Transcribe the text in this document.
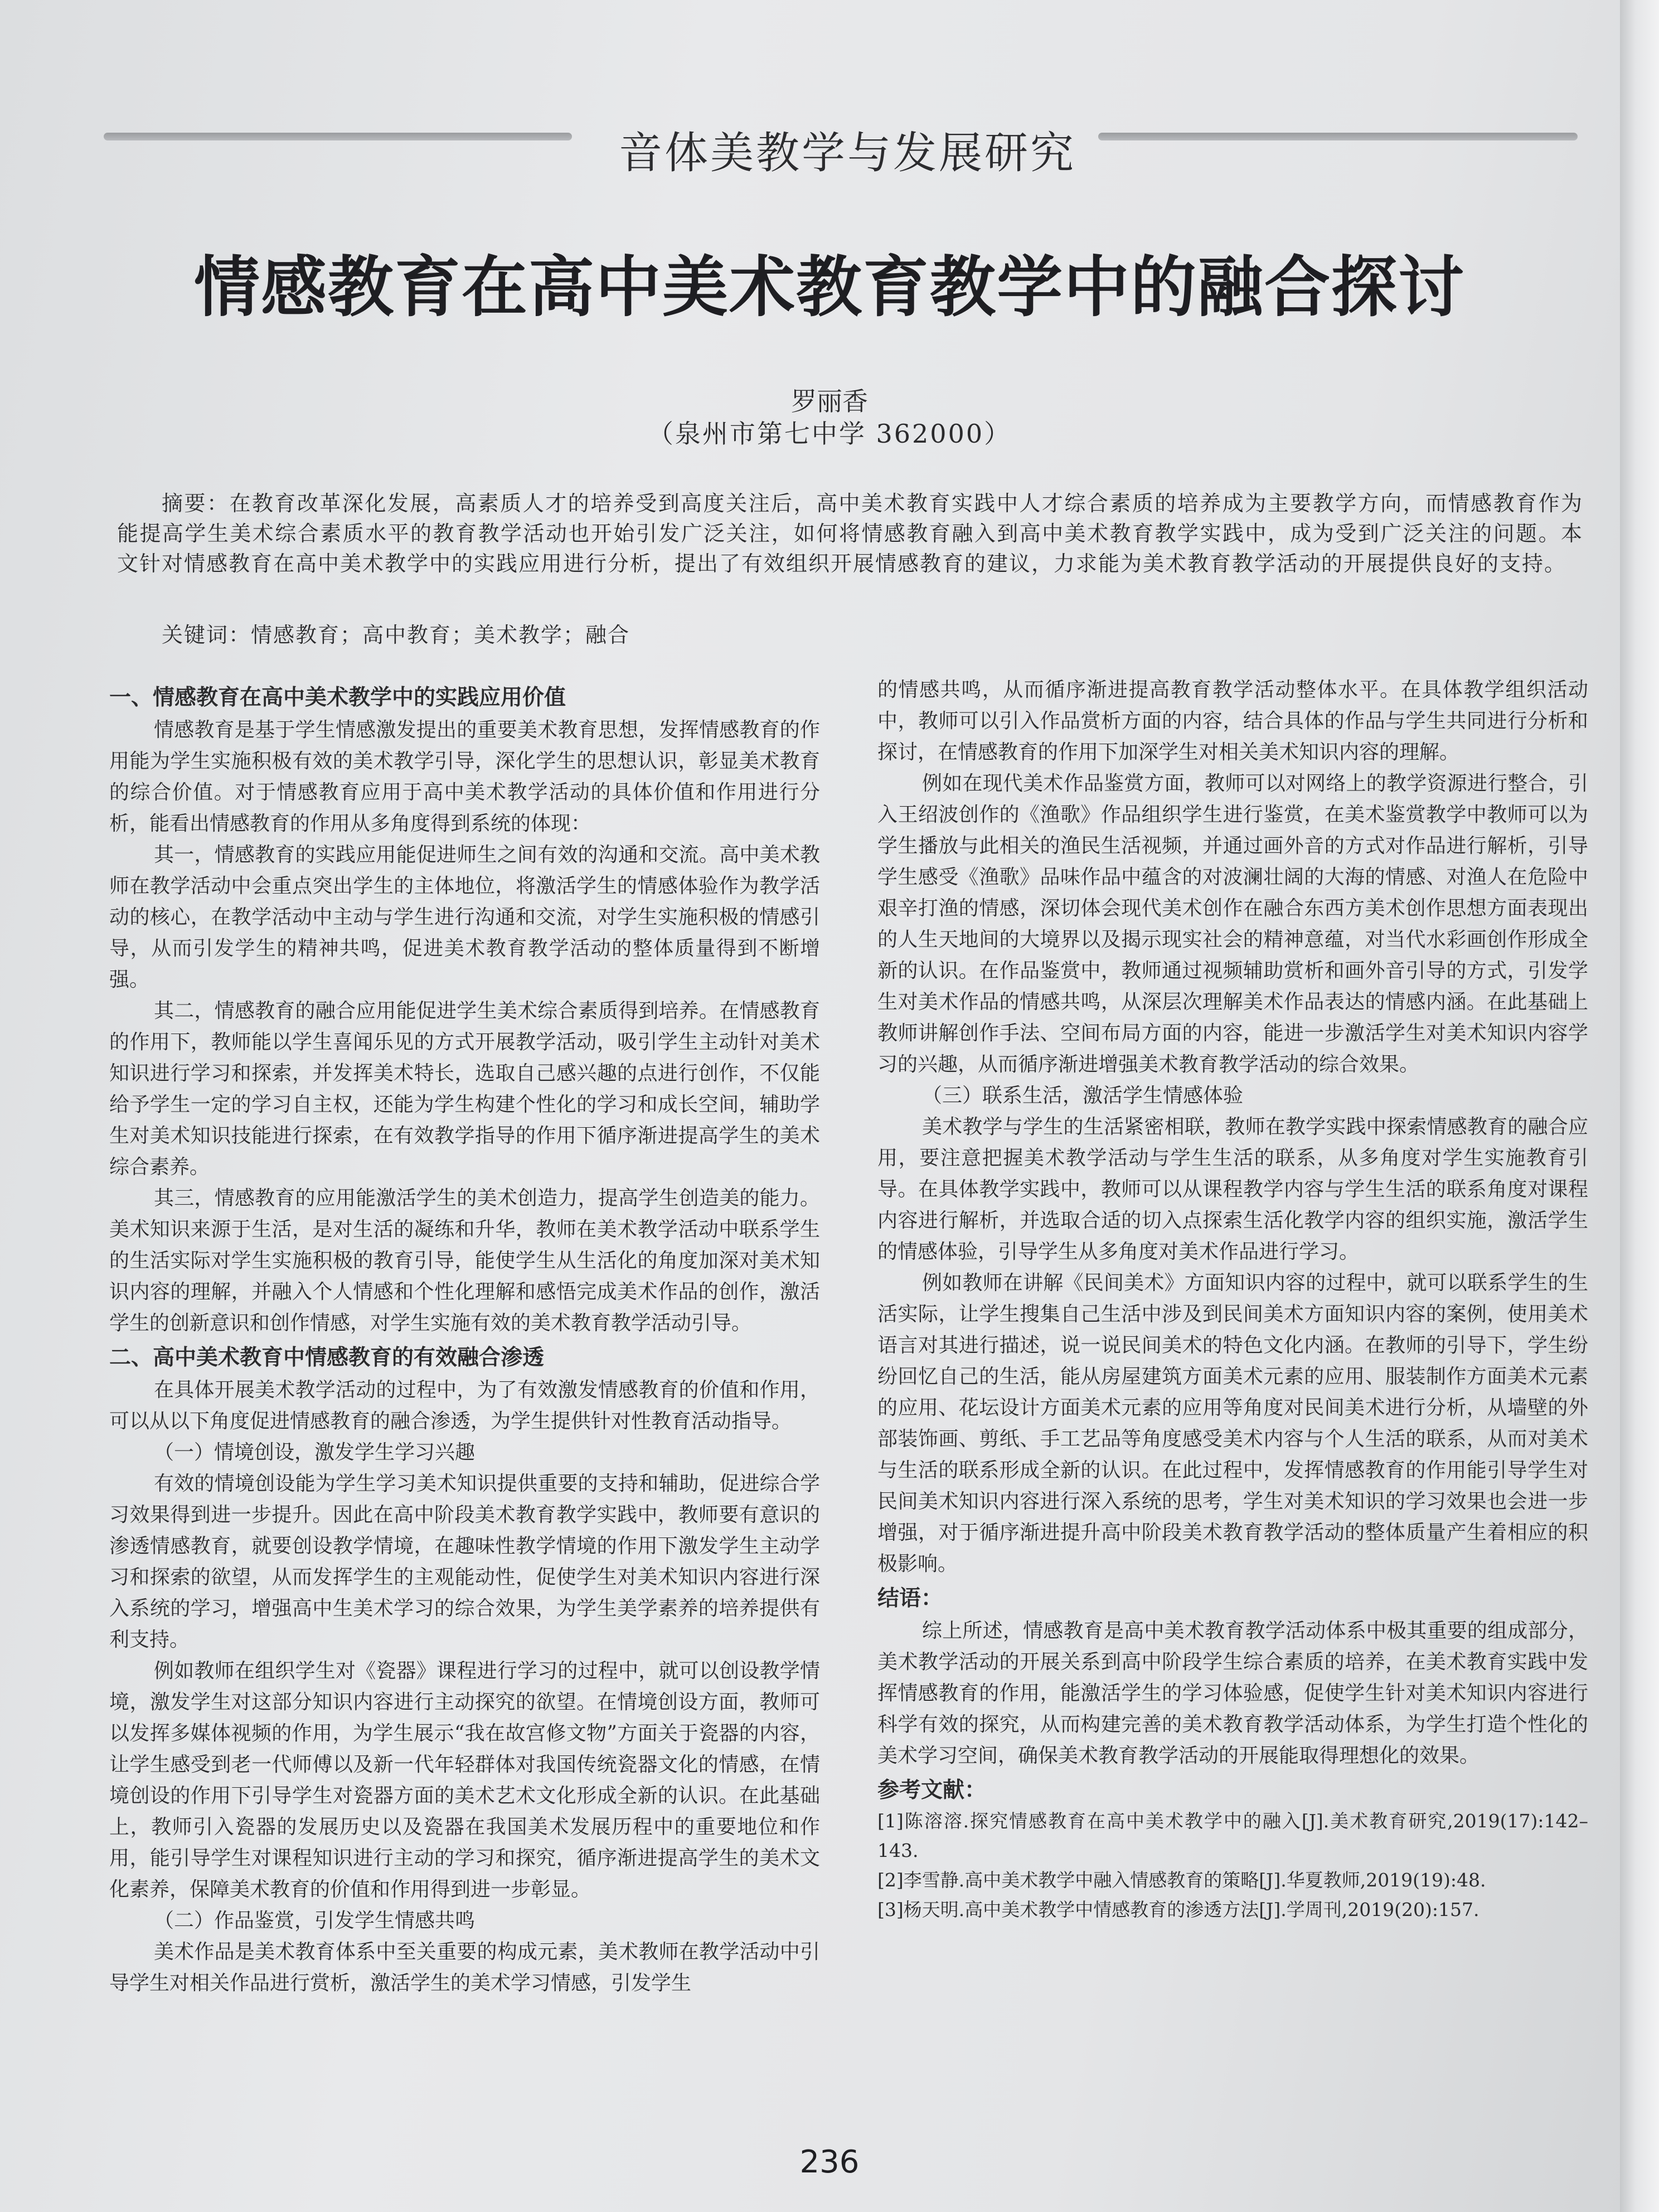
音体美教学与发展研究
情感教育在高中美术教育教学中的融合探讨
罗丽香
（泉州市第七中学 362000）

摘要：在教育改革深化发展，高素质人才的培养受到高度关注后，高中美术教育实践中人才综合素质的培养成为主要教学方向，而情感教育作为能提高学生美术综合素质水平的教育教学活动也开始引发广泛关注，如何将情感教育融入到高中美术教育教学实践中，成为受到广泛关注的问题。本文针对情感教育在高中美术教学中的实践应用进行分析，提出了有效组织开展情感教育的建议，力求能为美术教育教学活动的开展提供良好的支持。

关键词：情感教育；高中教育；美术教学；融合

一、情感教育在高中美术教学中的实践应用价值

情感教育是基于学生情感激发提出的重要美术教育思想，发挥情感教育的作用能为学生实施积极有效的美术教学引导，深化学生的思想认识，彰显美术教育的综合价值。对于情感教育应用于高中美术教学活动的具体价值和作用进行分析，能看出情感教育的作用从多角度得到系统的体现：

其一，情感教育的实践应用能促进师生之间有效的沟通和交流。高中美术教师在教学活动中会重点突出学生的主体地位，将激活学生的情感体验作为教学活动的核心，在教学活动中主动与学生进行沟通和交流，对学生实施积极的情感引导，从而引发学生的精神共鸣，促进美术教育教学活动的整体质量得到不断增强。

其二，情感教育的融合应用能促进学生美术综合素质得到培养。在情感教育的作用下，教师能以学生喜闻乐见的方式开展教学活动，吸引学生主动针对美术知识进行学习和探索，并发挥美术特长，选取自己感兴趣的点进行创作，不仅能给予学生一定的学习自主权，还能为学生构建个性化的学习和成长空间，辅助学生对美术知识技能进行探索，在有效教学指导的作用下循序渐进提高学生的美术综合素养。

其三，情感教育的应用能激活学生的美术创造力，提高学生创造美的能力。美术知识来源于生活，是对生活的凝练和升华，教师在美术教学活动中联系学生的生活实际对学生实施积极的教育引导，能使学生从生活化的角度加深对美术知识内容的理解，并融入个人情感和个性化理解和感悟完成美术作品的创作，激活学生的创新意识和创作情感，对学生实施有效的美术教育教学活动引导。

二、高中美术教育中情感教育的有效融合渗透

在具体开展美术教学活动的过程中，为了有效激发情感教育的价值和作用，可以从以下角度促进情感教育的融合渗透，为学生提供针对性教育活动指导。

（一）情境创设，激发学生学习兴趣

有效的情境创设能为学生学习美术知识提供重要的支持和辅助，促进综合学习效果得到进一步提升。因此在高中阶段美术教育教学实践中，教师要有意识的渗透情感教育，就要创设教学情境，在趣味性教学情境的作用下激发学生主动学习和探索的欲望，从而发挥学生的主观能动性，促使学生对美术知识内容进行深入系统的学习，增强高中生美术学习的综合效果，为学生美学素养的培养提供有利支持。

例如教师在组织学生对《瓷器》课程进行学习的过程中，就可以创设教学情境，激发学生对这部分知识内容进行主动探究的欲望。在情境创设方面，教师可以发挥多媒体视频的作用，为学生展示“我在故宫修文物”方面关于瓷器的内容，让学生感受到老一代师傅以及新一代年轻群体对我国传统瓷器文化的情感，在情境创设的作用下引导学生对瓷器方面的美术艺术文化形成全新的认识。在此基础上，教师引入瓷器的发展历史以及瓷器在我国美术发展历程中的重要地位和作用，能引导学生对课程知识进行主动的学习和探究，循序渐进提高学生的美术文化素养，保障美术教育的价值和作用得到进一步彰显。

（二）作品鉴赏，引发学生情感共鸣

美术作品是美术教育体系中至关重要的构成元素，美术教师在教学活动中引导学生对相关作品进行赏析，激活学生的美术学习情感，引发学生

的情感共鸣，从而循序渐进提高教育教学活动整体水平。在具体教学组织活动中，教师可以引入作品赏析方面的内容，结合具体的作品与学生共同进行分析和探讨，在情感教育的作用下加深学生对相关美术知识内容的理解。

例如在现代美术作品鉴赏方面，教师可以对网络上的教学资源进行整合，引入王绍波创作的《渔歌》作品组织学生进行鉴赏，在美术鉴赏教学中教师可以为学生播放与此相关的渔民生活视频，并通过画外音的方式对作品进行解析，引导学生感受《渔歌》品味作品中蕴含的对波澜壮阔的大海的情感、对渔人在危险中艰辛打渔的情感，深切体会现代美术创作在融合东西方美术创作思想方面表现出的人生天地间的大境界以及揭示现实社会的精神意蕴，对当代水彩画创作形成全新的认识。在作品鉴赏中，教师通过视频辅助赏析和画外音引导的方式，引发学生对美术作品的情感共鸣，从深层次理解美术作品表达的情感内涵。在此基础上教师讲解创作手法、空间布局方面的内容，能进一步激活学生对美术知识内容学习的兴趣，从而循序渐进增强美术教育教学活动的综合效果。

（三）联系生活，激活学生情感体验

美术教学与学生的生活紧密相联，教师在教学实践中探索情感教育的融合应用，要注意把握美术教学活动与学生生活的联系，从多角度对学生实施教育引导。在具体教学实践中，教师可以从课程教学内容与学生生活的联系角度对课程内容进行解析，并选取合适的切入点探索生活化教学内容的组织实施，激活学生的情感体验，引导学生从多角度对美术作品进行学习。

例如教师在讲解《民间美术》方面知识内容的过程中，就可以联系学生的生活实际，让学生搜集自己生活中涉及到民间美术方面知识内容的案例，使用美术语言对其进行描述，说一说民间美术的特色文化内涵。在教师的引导下，学生纷纷回忆自己的生活，能从房屋建筑方面美术元素的应用、服装制作方面美术元素的应用、花坛设计方面美术元素的应用等角度对民间美术进行分析，从墙壁的外部装饰画、剪纸、手工艺品等角度感受美术内容与个人生活的联系，从而对美术与生活的联系形成全新的认识。在此过程中，发挥情感教育的作用能引导学生对民间美术知识内容进行深入系统的思考，学生对美术知识的学习效果也会进一步增强，对于循序渐进提升高中阶段美术教育教学活动的整体质量产生着相应的积极影响。

结语：

综上所述，情感教育是高中美术教育教学活动体系中极其重要的组成部分，美术教学活动的开展关系到高中阶段学生综合素质的培养，在美术教育实践中发挥情感教育的作用，能激活学生的学习体验感，促使学生针对美术知识内容进行科学有效的探究，从而构建完善的美术教育教学活动体系，为学生打造个性化的美术学习空间，确保美术教育教学活动的开展能取得理想化的效果。

参考文献：

[1]陈溶溶.探究情感教育在高中美术教学中的融入[J].美术教育研究,2019(17):142–143.

[2]李雪静.高中美术教学中融入情感教育的策略[J].华夏教师,2019(19):48.

[3]杨天明.高中美术教学中情感教育的渗透方法[J].学周刊,2019(20):157.

236
